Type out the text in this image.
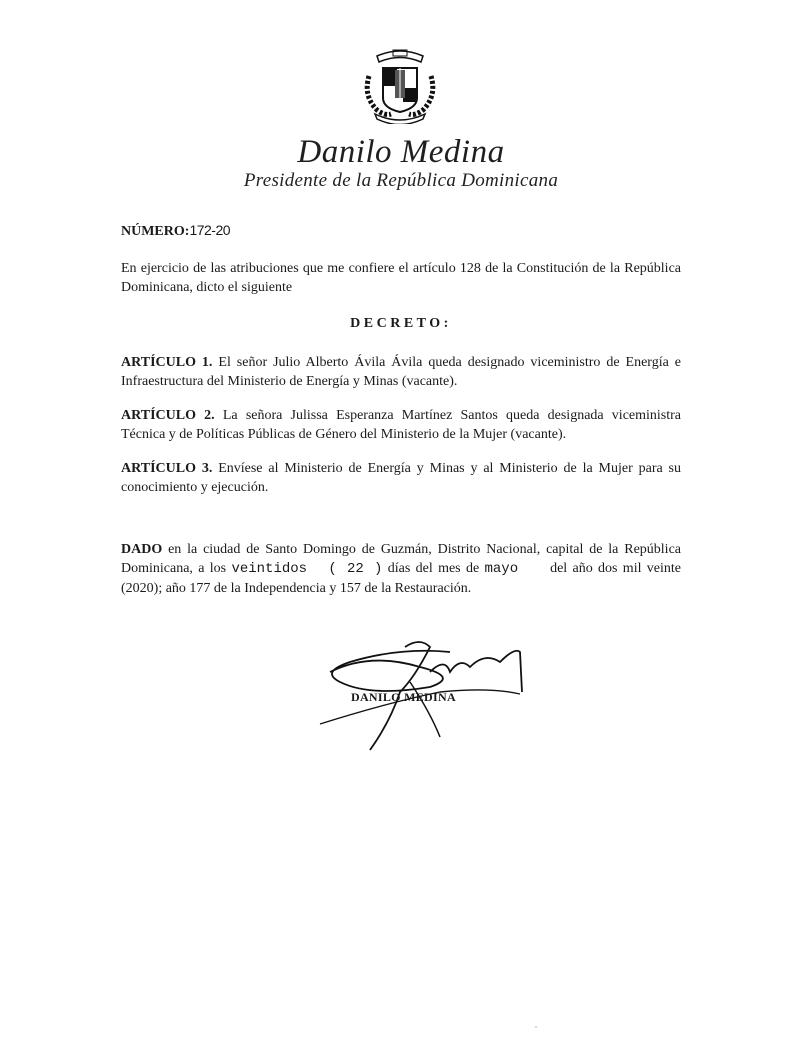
Danilo Medina
Presidente de la República Dominicana
NÚMERO:172-20
En ejercicio de las atribuciones que me confiere el artículo 128 de la Constitución de la República Dominicana, dicto el siguiente
DECRETO:
ARTÍCULO 1. El señor Julio Alberto Ávila Ávila queda designado viceministro de Energía e Infraestructura del Ministerio de Energía y Minas (vacante).
ARTÍCULO 2. La señora Julissa Esperanza Martínez Santos queda designada viceministra Técnica y de Políticas Públicas de Género del Ministerio de la Mujer (vacante).
ARTÍCULO 3. Envíese al Ministerio de Energía y Minas y al Ministerio de la Mujer para su conocimiento y ejecución.
DADO en la ciudad de Santo Domingo de Guzmán, Distrito Nacional, capital de la República Dominicana, a los veintidos ( 22 ) días del mes de mayo del año dos mil veinte (2020); año 177 de la Independencia y 157 de la Restauración.
DANILO MEDINA
